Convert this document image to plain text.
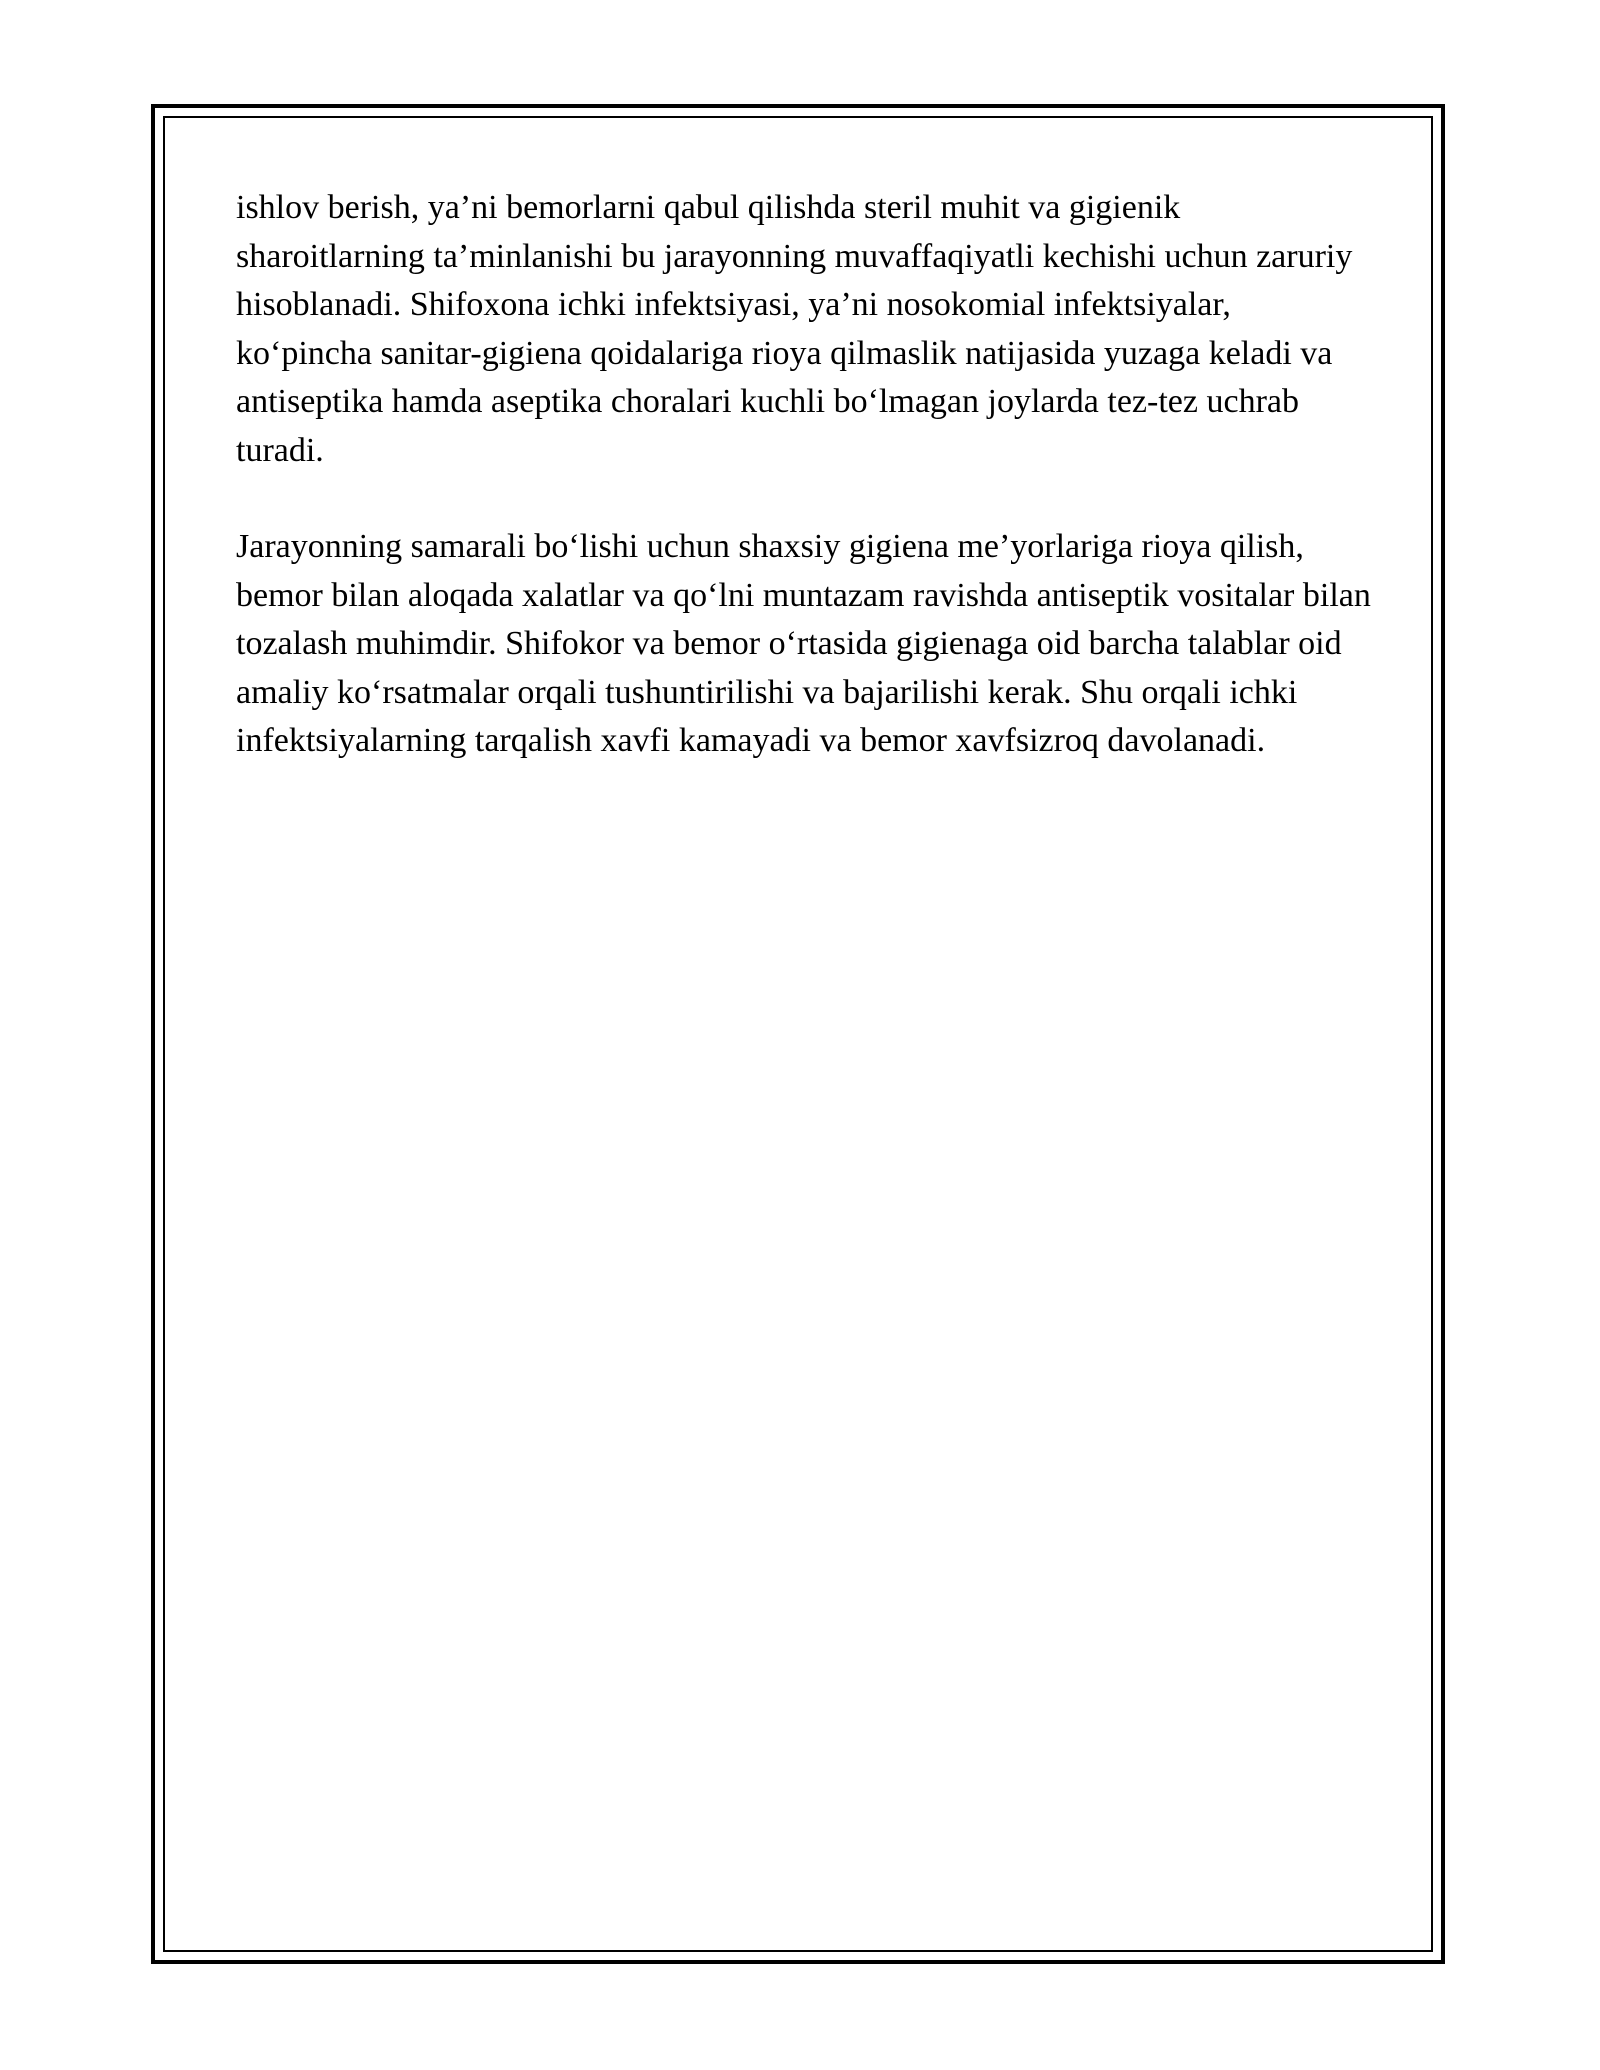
ishlov berish, ya’ni bemorlarni qabul qilishda steril muhit va gigienik sharoitlarning ta’minlanishi bu jarayonning muvaffaqiyatli kechishi uchun zaruriy hisoblanadi. Shifoxona ichki infektsiyasi, ya’ni nosokomial infektsiyalar, ko‘pincha sanitar-gigiena qoidalariga rioya qilmaslik natijasida yuzaga keladi va antiseptika hamda aseptika choralari kuchli bo‘lmagan joylarda tez-tez uchrab turadi.

Jarayonning samarali bo‘lishi uchun shaxsiy gigiena me’yorlariga rioya qilish, bemor bilan aloqada xalatlar va qo‘lni muntazam ravishda antiseptik vositalar bilan tozalash muhimdir. Shifokor va bemor o‘rtasida gigienaga oid barcha talablar oid amaliy ko‘rsatmalar orqali tushuntirilishi va bajarilishi kerak. Shu orqali ichki infektsiyalarning tarqalish xavfi kamayadi va bemor xavfsizroq davolanadi.
